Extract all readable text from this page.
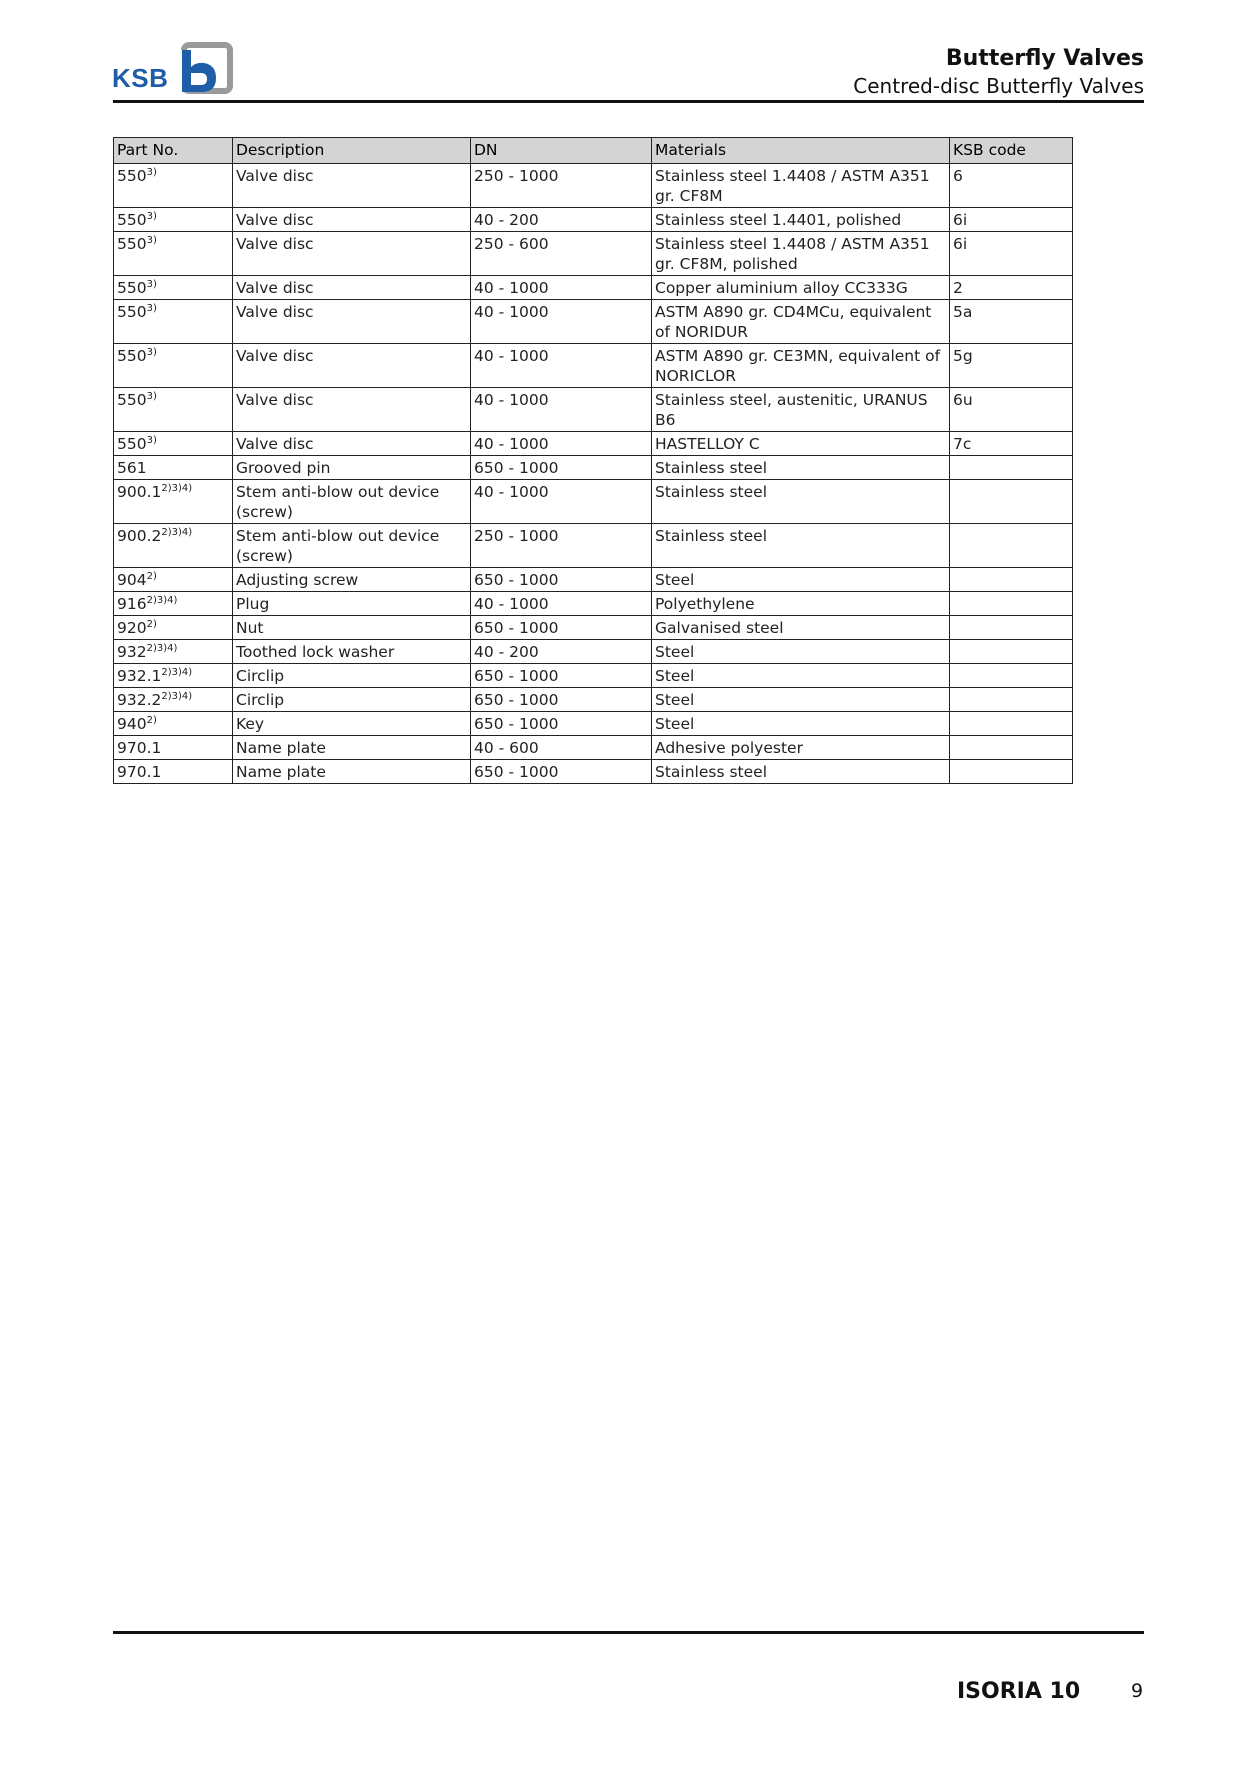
KSB
Butterfly Valves
Centred-disc Butterfly Valves
Part No.	Description	DN	Materials	KSB code
550$^{3)}$	Valve disc	250 - 1000	Stainless steel 1.4408 / ASTM A351 gr. CF8M	6
550$^{3)}$	Valve disc	40 - 200	Stainless steel 1.4401, polished	6i
550$^{3)}$	Valve disc	250 - 600	Stainless steel 1.4408 / ASTM A351 gr. CF8M, polished	6i
550$^{3)}$	Valve disc	40 - 1000	Copper aluminium alloy CC333G	2
550$^{3)}$	Valve disc	40 - 1000	ASTM A890 gr. CD4MCu, equivalent of NORIDUR	5a
550$^{3)}$	Valve disc	40 - 1000	ASTM A890 gr. CE3MN, equivalent of NORICLOR	5g
550$^{3)}$	Valve disc	40 - 1000	Stainless steel, austenitic, URANUS B6	6u
550$^{3)}$	Valve disc	40 - 1000	HASTELLOY C	7c
561	Grooved pin	650 - 1000	Stainless steel	
$900.1^{2)3)4)}$	Stem anti-blow out device (screw)	40 - 1000	Stainless steel	
$900.2^{2)3)4)}$	Stem anti-blow out device (screw)	250 - 1000	Stainless steel	
904$^{2)}$	Adjusting screw	650 - 1000	Steel	
$916^{2)3)4)}$	Plug	40 - 1000	Polyethylene	
920$^{2)}$	Nut	650 - 1000	Galvanised steel	
$932^{2)3)4)}$	Toothed lock washer	40 - 200	Steel	
$932.1^{2)3)4)}$	Circlip	650 - 1000	Steel	
$932.2^{2)3)4)}$	Circlip	650 - 1000	Steel	
940$^{2)}$	Key	650 - 1000	Steel	
970.1	Name plate	40 - 600	Adhesive polyester	
970.1	Name plate	650 - 1000	Stainless steel	
ISORIA 10	9
